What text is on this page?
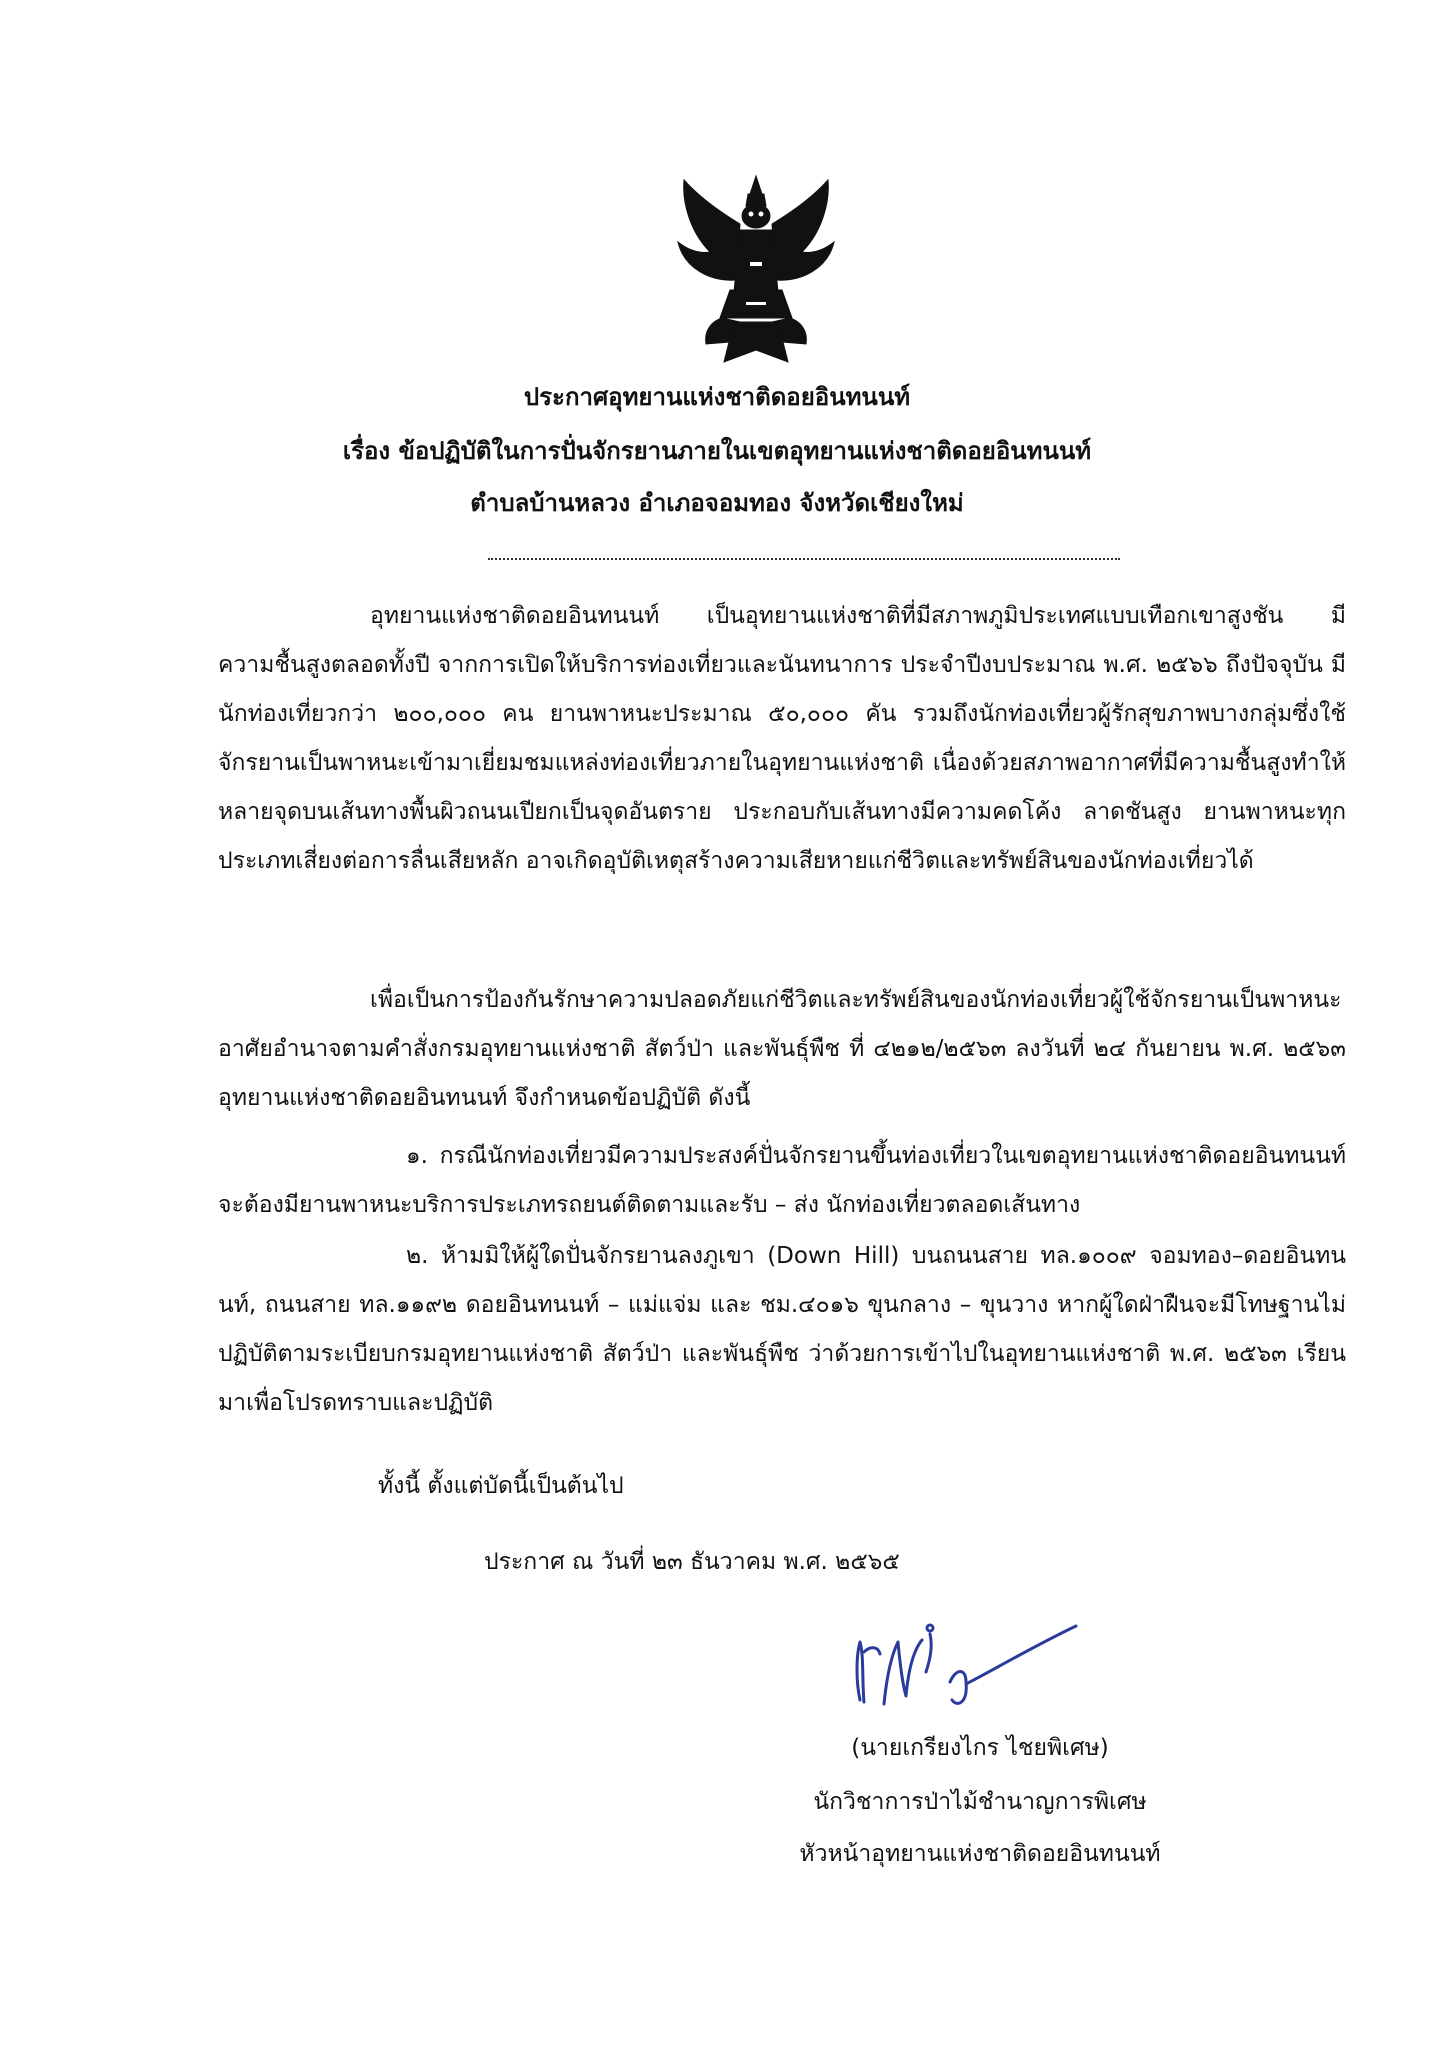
ประกาศอุทยานแห่งชาติดอยอินทนนท์
เรื่อง ข้อปฏิบัติในการปั่นจักรยานภายในเขตอุทยานแห่งชาติดอยอินทนนท์
ตำบลบ้านหลวง อำเภอจอมทอง จังหวัดเชียงใหม่

อุทยานแห่งชาติดอยอินทนนท์ เป็นอุทยานแห่งชาติที่มีสภาพภูมิประเทศแบบเทือกเขาสูงชัน มีความชื้นสูงตลอดทั้งปี จากการเปิดให้บริการท่องเที่ยวและนันทนาการ ประจำปีงบประมาณ พ.ศ. ๒๕๖๖ ถึงปัจจุบัน มีนักท่องเที่ยวกว่า ๒๐๐,๐๐๐ คน ยานพาหนะประมาณ ๕๐,๐๐๐ คัน รวมถึงนักท่องเที่ยวผู้รักสุขภาพบางกลุ่มซึ่งใช้จักรยานเป็นพาหนะเข้ามาเยี่ยมชมแหล่งท่องเที่ยวภายในอุทยานแห่งชาติ เนื่องด้วยสภาพอากาศที่มีความชื้นสูงทำให้หลายจุดบนเส้นทางพื้นผิวถนนเปียกเป็นจุดอันตราย ประกอบกับเส้นทางมีความคดโค้ง ลาดชันสูง ยานพาหนะทุกประเภทเสี่ยงต่อการลื่นเสียหลัก อาจเกิดอุบัติเหตุสร้างความเสียหายแก่ชีวิตและทรัพย์สินของนักท่องเที่ยวได้

เพื่อเป็นการป้องกันรักษาความปลอดภัยแก่ชีวิตและทรัพย์สินของนักท่องเที่ยวผู้ใช้จักรยานเป็นพาหนะ อาศัยอำนาจตามคำสั่งกรมอุทยานแห่งชาติ สัตว์ป่า และพันธุ์พืช ที่ ๔๒๑๒/๒๕๖๓ ลงวันที่ ๒๔ กันยายน พ.ศ. ๒๕๖๓ อุทยานแห่งชาติดอยอินทนนท์ จึงกำหนดข้อปฏิบัติ ดังนี้

๑. กรณีนักท่องเที่ยวมีความประสงค์ปั่นจักรยานขึ้นท่องเที่ยวในเขตอุทยานแห่งชาติดอยอินทนนท์ จะต้องมียานพาหนะบริการประเภทรถยนต์ติดตามและรับ – ส่ง นักท่องเที่ยวตลอดเส้นทาง

๒. ห้ามมิให้ผู้ใดปั่นจักรยานลงภูเขา (Down Hill) บนถนนสาย ทล.๑๐๐๙ จอมทอง–ดอยอินทนนท์, ถนนสาย ทล.๑๑๙๒ ดอยอินทนนท์ – แม่แจ่ม และ ชม.๔๐๑๖ ขุนกลาง – ขุนวาง หากผู้ใดฝ่าฝืนจะมีโทษฐานไม่ปฏิบัติตามระเบียบกรมอุทยานแห่งชาติ สัตว์ป่า และพันธุ์พืช ว่าด้วยการเข้าไปในอุทยานแห่งชาติ พ.ศ. ๒๕๖๓ เรียนมาเพื่อโปรดทราบและปฏิบัติ

ทั้งนี้ ตั้งแต่บัดนี้เป็นต้นไป
ประกาศ ณ วันที่ ๒๓ ธันวาคม พ.ศ. ๒๕๖๕
(นายเกรียงไกร ไชยพิเศษ)
นักวิชาการป่าไม้ชำนาญการพิเศษ
หัวหน้าอุทยานแห่งชาติดอยอินทนนท์
